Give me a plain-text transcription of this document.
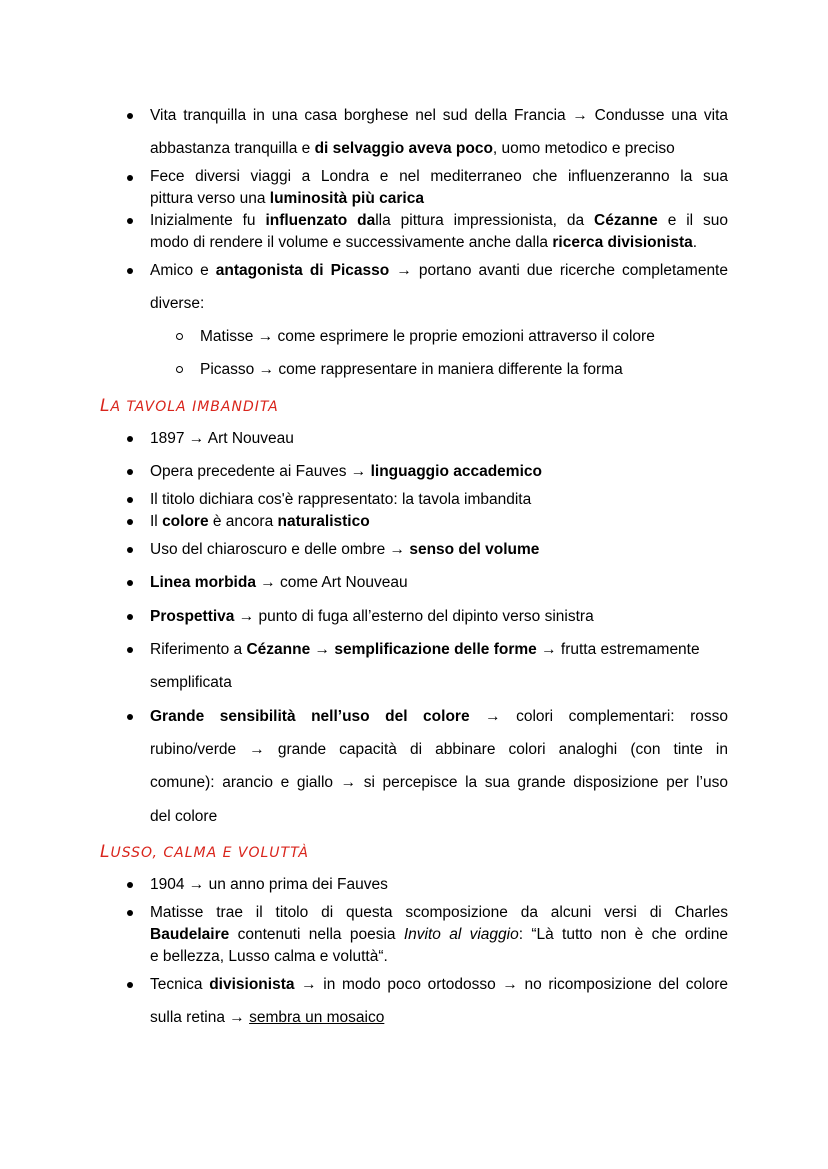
Vita tranquilla in una casa borghese nel sud della Francia → Condusse una vita
abbastanza tranquilla e di selvaggio aveva poco, uomo metodico e preciso
Fece diversi viaggi a Londra e nel mediterraneo che influenzeranno la sua
pittura verso una luminosità più carica
Inizialmente fu influenzato dalla pittura impressionista, da Cézanne e il suo
modo di rendere il volume e successivamente anche dalla ricerca divisionista.
Amico e antagonista di Picasso → portano avanti due ricerche completamente
diverse:
Matisse → come esprimere le proprie emozioni attraverso il colore
Picasso → come rappresentare in maniera differente la forma
LA TAVOLA IMBANDITA
1897 → Art Nouveau
Opera precedente ai Fauves → linguaggio accademico
Il titolo dichiara cos'è rappresentato: la tavola imbandita
Il colore è ancora naturalistico
Uso del chiaroscuro e delle ombre → senso del volume
Linea morbida → come Art Nouveau
Prospettiva → punto di fuga all’esterno del dipinto verso sinistra
Riferimento a Cézanne → semplificazione delle forme → frutta estremamente
semplificata
Grande sensibilità nell’uso del colore → colori complementari: rosso
rubino/verde → grande capacità di abbinare colori analoghi (con tinte in
comune): arancio e giallo → si percepisce la sua grande disposizione per l’uso
del colore
LUSSO, CALMA E VOLUTTÀ
1904 → un anno prima dei Fauves
Matisse trae il titolo di questa scomposizione da alcuni versi di Charles
Baudelaire contenuti nella poesia Invito al viaggio: “Là tutto non è che ordine
e bellezza, Lusso calma e voluttà“.
Tecnica divisionista → in modo poco ortodosso → no ricomposizione del colore
sulla retina → sembra un mosaico
